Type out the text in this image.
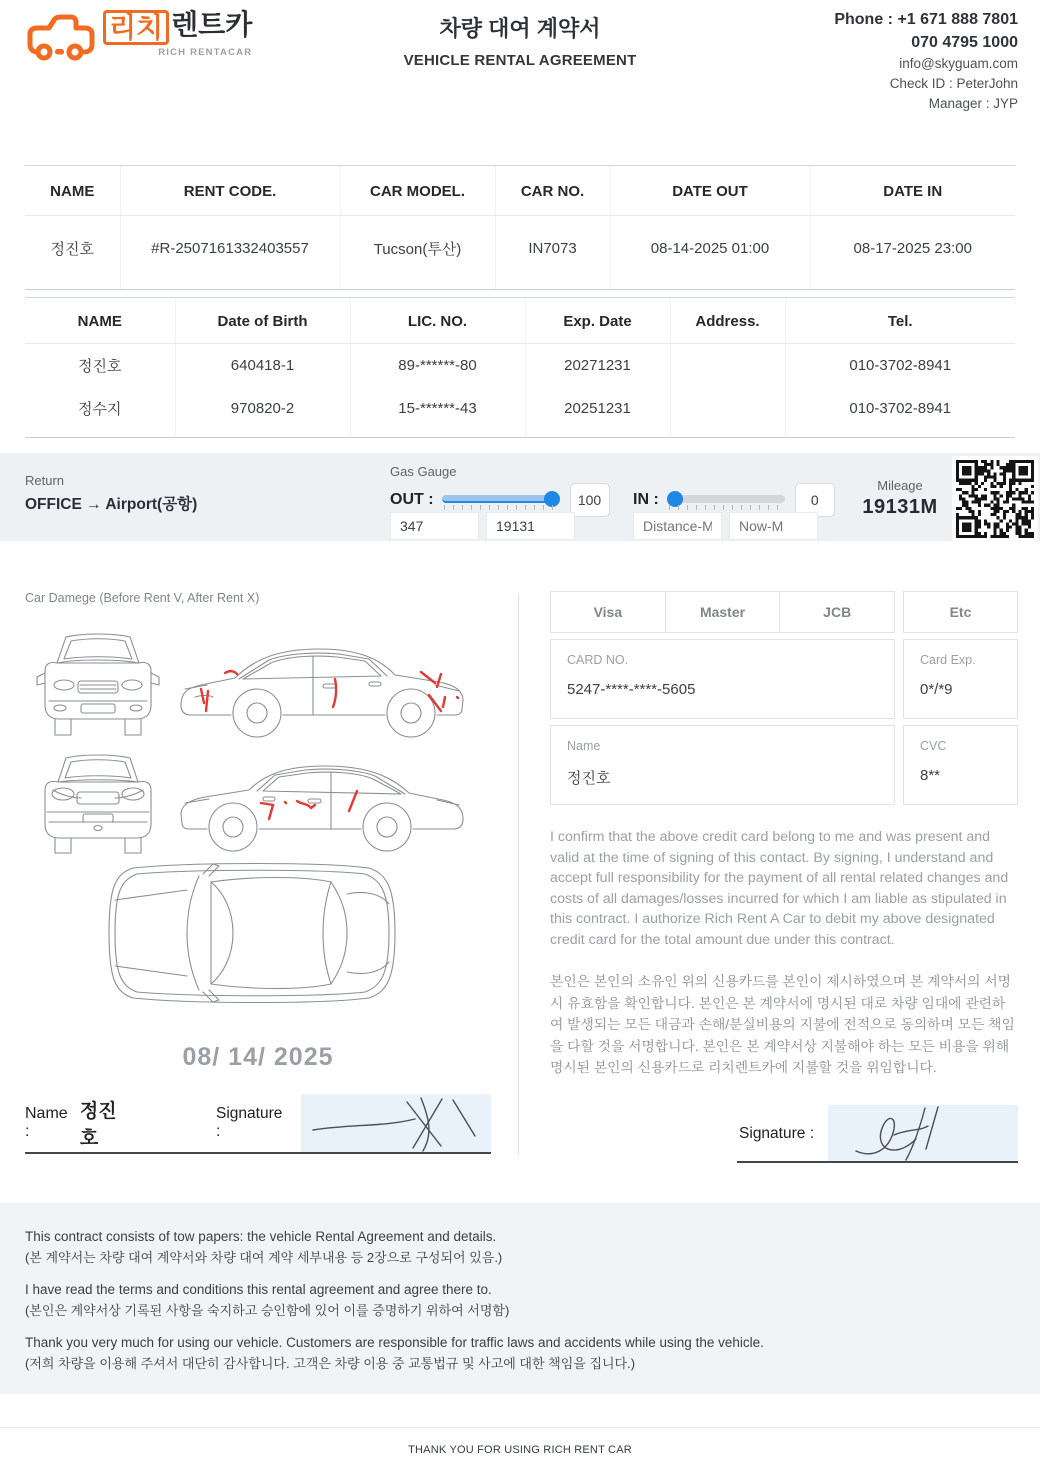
리치 렌트카
RICH RENTACAR
차량 대여 계약서
VEHICLE RENTAL AGREEMENT
Phone : +1 671 888 7801
070 4795 1000
info@skyguam.com
Check ID : PeterJohn
Manager : JYP
NAME	RENT CODE.	CAR MODEL.	CAR NO.	DATE OUT	DATE IN
정진호	#R-2507161332403557	Tucson(투산)	IN7073	08-14-2025 01:00	08-17-2025 23:00
NAME	Date of Birth	LIC. NO.	Exp. Date	Address.	Tel.
정진호	640418-1	89-******-80	20271231		010-3702-8941
정수지	970820-2	15-******-43	20251231		010-3702-8941
Return
OFFICE → Airport(공항)
Gas Gauge
OUT :	100
347
19131	IN :	0
Distance-M
Now-M
Mileage
19131M
Car Damege (Before Rent V, After Rent X)
08/ 14/ 2025
Name :
정진호
Signature :
Visa	Master	JCB
CARD NO.
5247-****-****-5605
Name
정진호
Etc
Card Exp.
0*/*9
CVC
8**

I confirm that the above credit card belong to me and was present and valid at the time of signing of this contact. By signing, I understand and accept full responsibility for the payment of all rental related changes and costs of all damages/losses incurred for which I am liable as stipulated in this contract. I authorize Rich Rent A Car to debit my above designated credit card for the total amount due under this contract.

본인은 본인의 소유인 위의 신용카드를 본인이 제시하였으며 본 계약서의 서명시 유효함을 확인합니다. 본인은 본 계약서에 명시된 대로 차량 임대에 관련하여 발생되는 모든 대금과 손해/분실비용의 지불에 전적으로 동의하며 모든 책임을 다할 것을 서명합니다. 본인은 본 계약서상 지불해야 하는 모든 비용을 위해 명시된 본인의 신용카드로 리치렌트카에 지불할 것을 위임합니다.

Signature :
This contract consists of tow papers: the vehicle Rental Agreement and details.
(본 계약서는 차량 대여 계약서와 차량 대여 계약 세부내용 등 2장으로 구성되어 있음.)
I have read the terms and conditions this rental agreement and agree there to.
(본인은 계약서상 기록된 사항을 숙지하고 승인함에 있어 이를 증명하기 위하여 서명함)
Thank you very much for using our vehicle. Customers are responsible for traffic laws and accidents while using the vehicle.
(저희 차량을 이용해 주셔서 대단히 감사합니다. 고객은 차량 이용 중 교통법규 및 사고에 대한 책임을 집니다.)
THANK YOU FOR USING RICH RENT CAR
